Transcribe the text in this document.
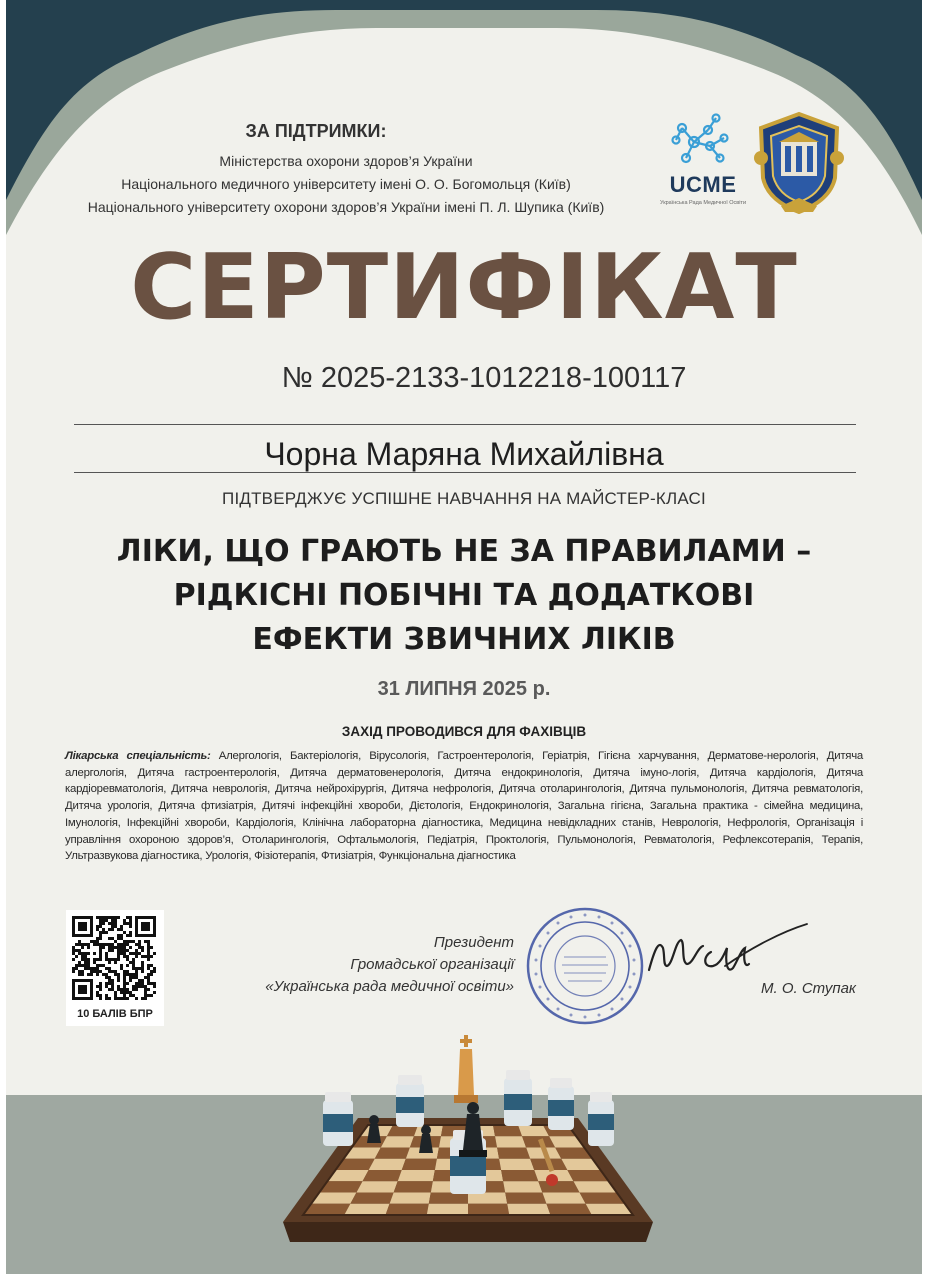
ЗА ПІДТРИМКИ:
Міністерства охорони здоров’я України
Національного медичного університету імені О. О. Богомольця (Київ)
Національного університету охорони здоров’я України імені П. Л. Шупика (Київ)
UCME
Українська Рада Медичної Освіти
СЕРТИФІКАТ
№ 2025-2133-1012218-100117
Чорна Маряна Михайлівна
ПІДТВЕРДЖУЄ УСПІШНЕ НАВЧАННЯ НА МАЙСТЕР-КЛАСІ
ЛІКИ, ЩО ГРАЮТЬ НЕ ЗА ПРАВИЛАМИ –
РІДКІСНІ ПОБІЧНІ ТА ДОДАТКОВІ
ЕФЕКТИ ЗВИЧНИХ ЛІКІВ
31 ЛИПНЯ 2025 р.
ЗАХІД ПРОВОДИВСЯ ДЛЯ ФАХІВЦІВ
Лікарська спеціальність: Алергологія, Бактеріологія, Вірусологія, Гастроентерологія, Геріатрія, Гігієна харчування, Дерматове-нерологія, Дитяча алергологія, Дитяча гастроентерологія, Дитяча дерматовенерологія, Дитяча ендокринологія, Дитяча імуно-логія, Дитяча кардіологія, Дитяча кардіоревматологія, Дитяча неврологія, Дитяча нейрохірургія, Дитяча нефрологія, Дитяча отоларингологія, Дитяча пульмонологія, Дитяча ревматологія, Дитяча урологія, Дитяча фтизіатрія, Дитячі інфекційні хвороби, Дієтологія, Ендокринологія, Загальна гігієна, Загальна практика - сімейна медицина, Імунологія, Інфекційні хвороби, Кардіологія, Клінічна лабораторна діагностика, Медицина невідкладних станів, Неврологія, Нефрологія, Організація і управління охороною здоров’я, Отоларингологія, Офтальмологія, Педіатрія, Проктологія, Пульмонологія, Ревматологія, Рефлексотерапія, Терапія, Ультразвукова діагностика, Урологія, Фізіотерапія, Фтизіатрія, Функціональна діагностика
10 БАЛІВ БПР
Президент
Громадської організації
«Українська рада медичної освіти»	М. О. Ступак
